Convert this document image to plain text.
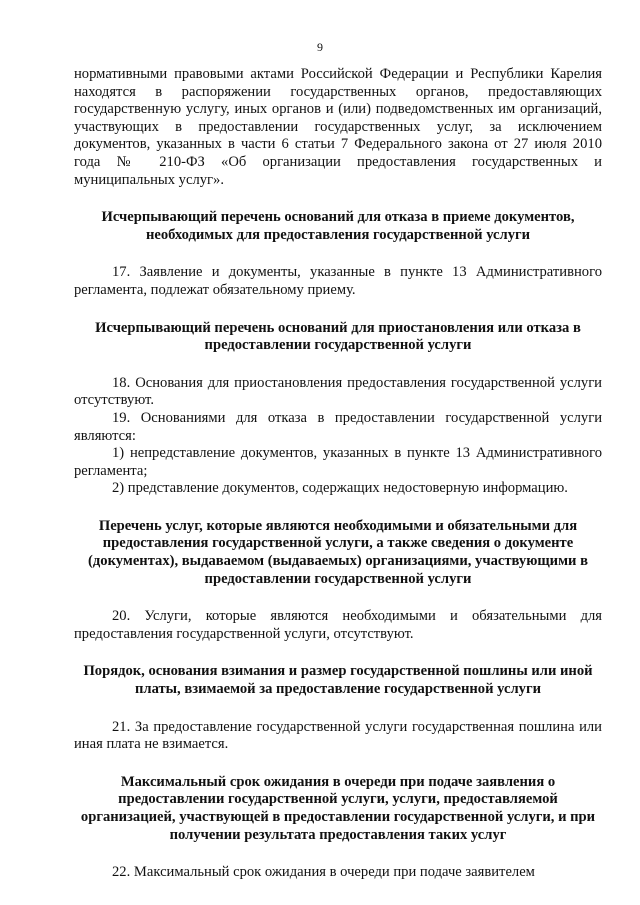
9

нормативными правовыми актами Российской Федерации и Республики Карелия находятся в распоряжении государственных органов, предоставляющих государственную услугу, иных органов и (или) подведомственных им организаций, участвующих в предоставлении государственных услуг, за исключением документов, указанных в части 6 статьи 7 Федерального закона от 27 июля 2010 года № 210-ФЗ «Об организации предоставления государственных и муниципальных услуг».

Исчерпывающий перечень оснований для отказа в приеме документов, необходимых для предоставления государственной услуги

17. Заявление и документы, указанные в пункте 13 Административного регламента, подлежат обязательному приему.

Исчерпывающий перечень оснований для приостановления или отказа в предоставлении государственной услуги

18. Основания для приостановления предоставления государственной услуги отсутствуют.

19. Основаниями для отказа в предоставлении государственной услуги являются:

1) непредставление документов, указанных в пункте 13 Административного регламента;

2) представление документов, содержащих недостоверную информацию.

Перечень услуг, которые являются необходимыми и обязательными для предоставления государственной услуги, а также сведения о документе (документах), выдаваемом (выдаваемых) организациями, участвующими в предоставлении государственной услуги

20. Услуги, которые являются необходимыми и обязательными для предоставления государственной услуги, отсутствуют.

Порядок, основания взимания и размер государственной пошлины или иной платы, взимаемой за предоставление государственной услуги

21. За предоставление государственной услуги государственная пошлина или иная плата не взимается.

Максимальный срок ожидания в очереди при подаче заявления о предоставлении государственной услуги, услуги, предоставляемой организацией, участвующей в предоставлении государственной услуги, и при получении результата предоставления таких услуг

22. Максимальный срок ожидания в очереди при подаче заявителем
